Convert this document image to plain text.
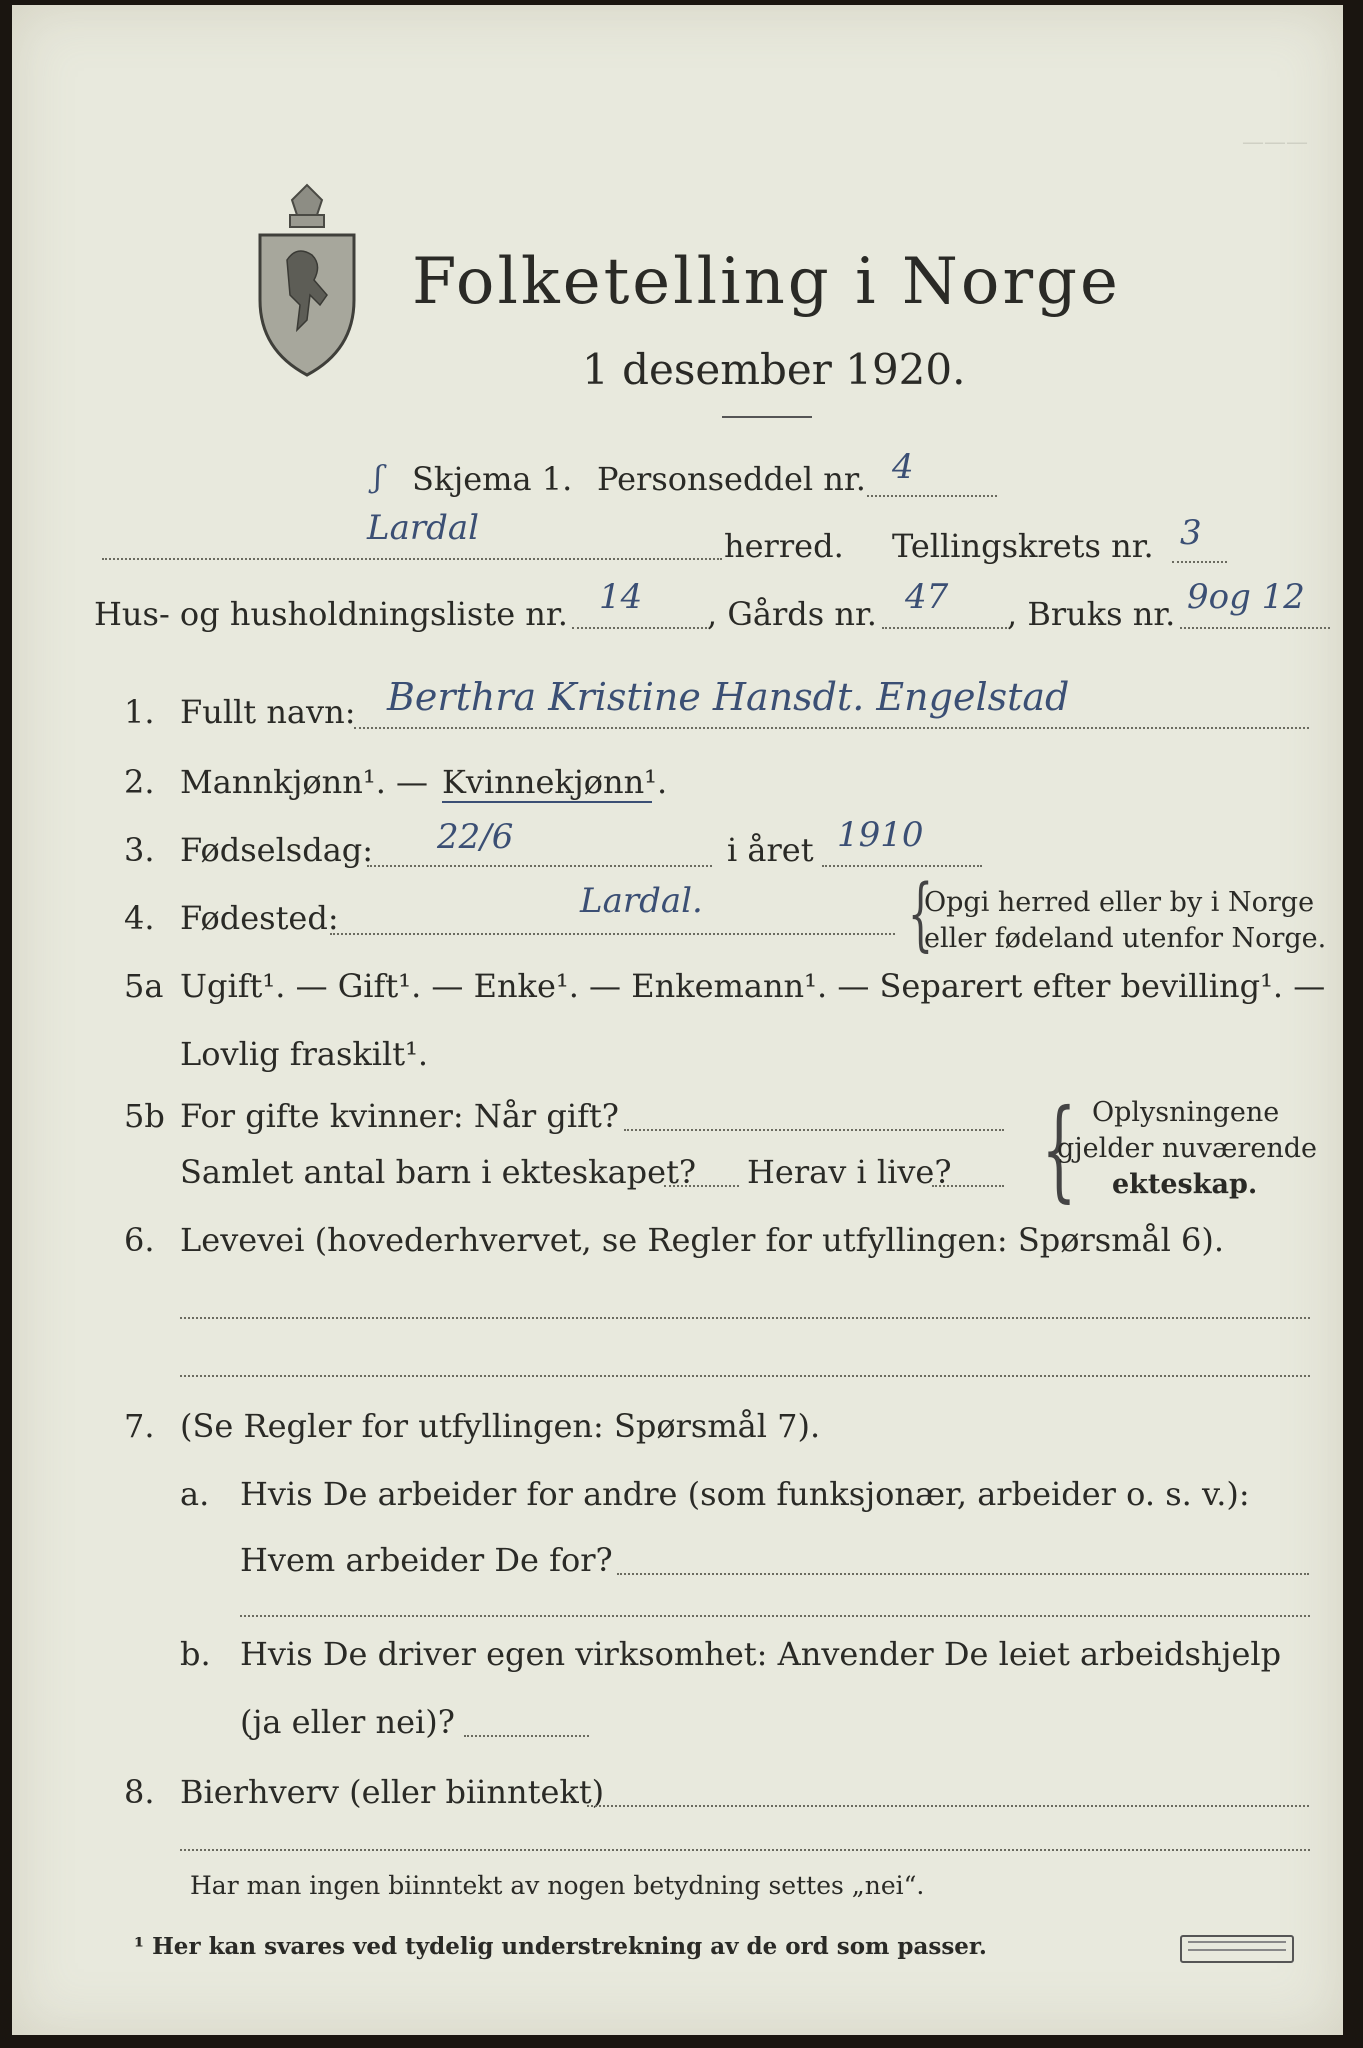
———
Folketelling i Norge
1 desember 1920.
ʃ Skjema 1. Personseddel nr. 4
Lardal	herred. Tellingskrets nr. 3
Hus- og husholdningsliste nr. 14 , Gårds nr. 47 , Bruks nr. 9og 12
1. Fullt navn: Berthra Kristine Hansdt. Engelstad
2. Mannkjønn¹. — Kvinnekjønn¹.
3. Fødselsdag: 22/6	i året 1910
4. Fødested:	Lardal.	{
Opgi herred eller by i Norge
eller fødeland utenfor Norge.
5a Ugift¹. — Gift¹. — Enke¹. — Enkemann¹. — Separert efter bevilling¹. —
Lovlig fraskilt¹.
5b For gifte kvinner: Når gift?
Samlet antal barn i ekteskapet? Herav i live? { Oplysningene
gjelder nuværende
ekteskap.
6. Levevei (hovederhvervet, se Regler for utfyllingen: Spørsmål 6).
7. (Se Regler for utfyllingen: Spørsmål 7).
a. Hvis De arbeider for andre (som funksjonær, arbeider o. s. v.):
Hvem arbeider De for?
b. Hvis De driver egen virksomhet: Anvender De leiet arbeidshjelp
(ja eller nei)?
8. Bierhverv (eller biinntekt)
Har man ingen biinntekt av nogen betydning settes „nei“.
¹ Her kan svares ved tydelig understrekning av de ord som passer.
